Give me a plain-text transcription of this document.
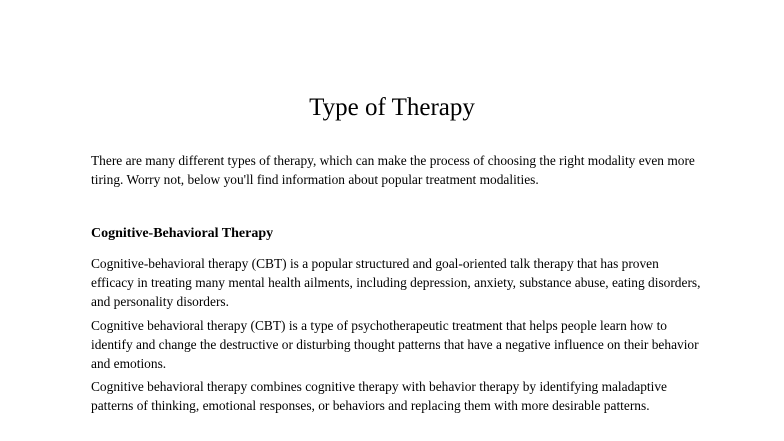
Type of Therapy

There are many different types of therapy, which can make the process of choosing the right modality even more tiring. Worry not, below you'll find information about popular treatment modalities.

Cognitive-Behavioral Therapy

Cognitive-behavioral therapy (CBT) is a popular structured and goal-oriented talk therapy that has proven efficacy in treating many mental health ailments, including depression, anxiety, substance abuse, eating disorders, and personality disorders.

Cognitive behavioral therapy (CBT) is a type of psychotherapeutic treatment that helps people learn how to identify and change the destructive or disturbing thought patterns that have a negative influence on their behavior and emotions.

Cognitive behavioral therapy combines cognitive therapy with behavior therapy by identifying maladaptive patterns of thinking, emotional responses, or behaviors and replacing them with more desirable patterns.
